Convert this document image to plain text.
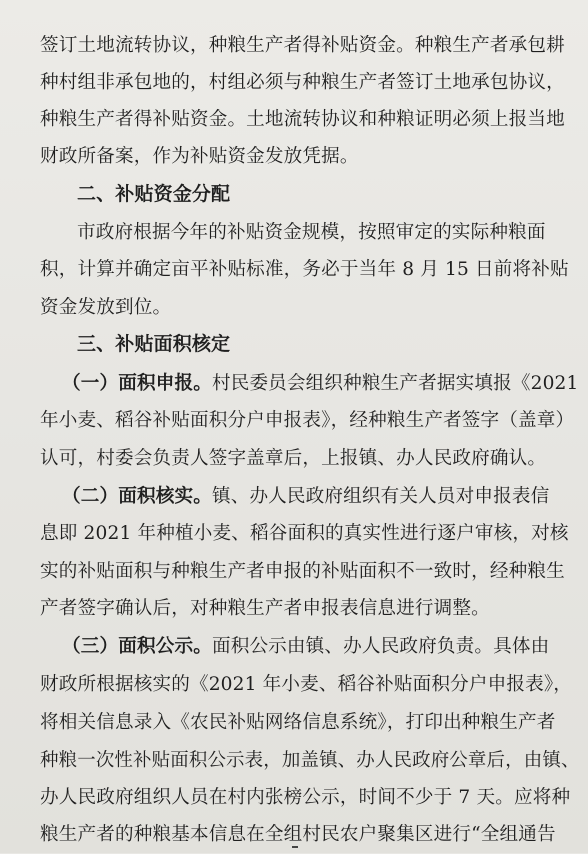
签订土地流转协议，种粮生产者得补贴资金。种粮生产者承包耕
种村组非承包地的，村组必须与种粮生产者签订土地承包协议，
种粮生产者得补贴资金。土地流转协议和种粮证明必须上报当地
财政所备案，作为补贴资金发放凭据。
二、补贴资金分配
市政府根据今年的补贴资金规模，按照审定的实际种粮面
积，计算并确定亩平补贴标准，务必于当年 8 月 15 日前将补贴
资金发放到位。
三、补贴面积核定
（一）面积申报。村民委员会组织种粮生产者据实填报《2021
年小麦、稻谷补贴面积分户申报表》，经种粮生产者签字（盖章）
认可，村委会负责人签字盖章后，上报镇、办人民政府确认。
（二）面积核实。镇、办人民政府组织有关人员对申报表信
息即 2021 年种植小麦、稻谷面积的真实性进行逐户审核，对核
实的补贴面积与种粮生产者申报的补贴面积不一致时，经种粮生
产者签字确认后，对种粮生产者申报表信息进行调整。
（三）面积公示。面积公示由镇、办人民政府负责。具体由
财政所根据核实的《2021 年小麦、稻谷补贴面积分户申报表》，
将相关信息录入《农民补贴网络信息系统》，打印出种粮生产者
种粮一次性补贴面积公示表，加盖镇、办人民政府公章后，由镇、
办人民政府组织人员在村内张榜公示，时间不少于 7 天。应将种
粮生产者的种粮基本信息在全组村民农户聚集区进行“全组通告
